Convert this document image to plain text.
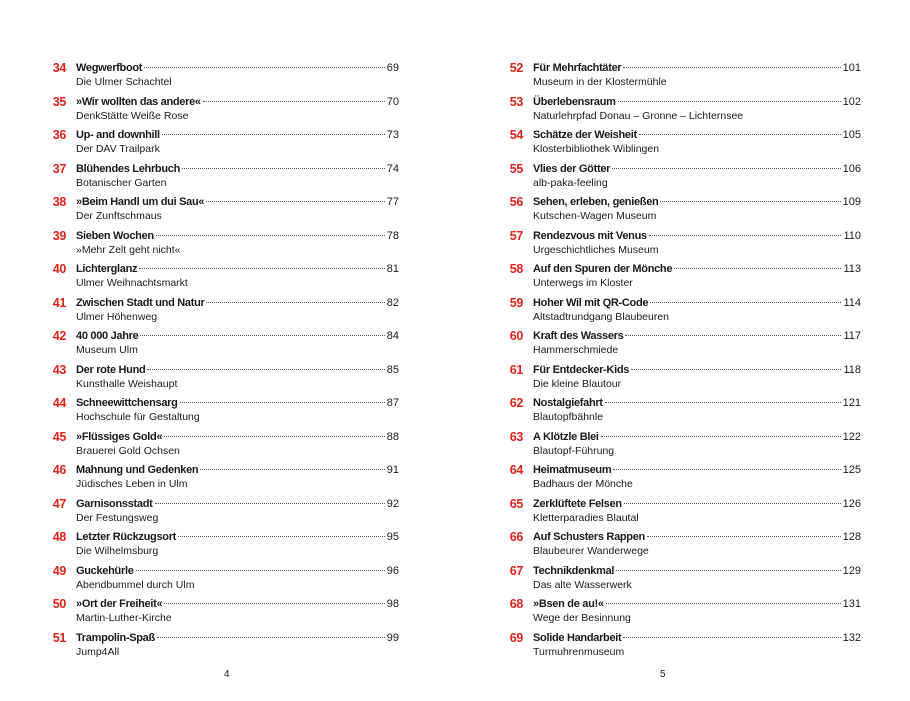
34 Wegwerfboot	69
Die Ulmer Schachtel
35 »Wir wollten das andere«	70
DenkStätte Weiße Rose
36 Up- and downhill	73
Der DAV Trailpark
37 Blühendes Lehrbuch	74
Botanischer Garten
38 »Beim Handl um dui Sau«	77
Der Zunftschmaus
39 Sieben Wochen	78
»Mehr Zelt geht nicht«
40 Lichterglanz	81
Ulmer Weihnachtsmarkt
41 Zwischen Stadt und Natur	82
Ulmer Höhenweg
42 40 000 Jahre	84
Museum Ulm
43 Der rote Hund	85
Kunsthalle Weishaupt
44 Schneewittchensarg	87
Hochschule für Gestaltung
45 »Flüssiges Gold«	88
Brauerei Gold Ochsen
46 Mahnung und Gedenken	91
Jüdisches Leben in Ulm
47 Garnisonsstadt	92
Der Festungsweg
48 Letzter Rückzugsort	95
Die Wilhelmsburg
49 Guckehürle	96
Abendbummel durch Ulm
50 »Ort der Freiheit«	98
Martin-Luther-Kirche
51 Trampolin-Spaß	99
Jump4All
4
52 Für Mehrfachtäter	101
Museum in der Klostermühle
53 Überlebensraum	102
Naturlehrpfad Donau – Gronne – Lichternsee
54 Schätze der Weisheit	105
Klosterbibliothek Wiblingen
55 Vlies der Götter	106
alb-paka-feeling
56 Sehen, erleben, genießen	109
Kutschen-Wagen Museum
57 Rendezvous mit Venus	110
Urgeschichtliches Museum
58 Auf den Spuren der Mönche	113
Unterwegs im Kloster
59 Hoher Wil mit QR-Code	114
Altstadtrundgang Blaubeuren
60 Kraft des Wassers	117
Hammerschmiede
61 Für Entdecker-Kids	118
Die kleine Blautour
62 Nostalgiefahrt	121
Blautopfbähnle
63 A Klötzle Blei	122
Blautopf-Führung
64 Heimatmuseum	125
Badhaus der Mönche
65 Zerklüftete Felsen	126
Kletterparadies Blautal
66 Auf Schusters Rappen	128
Blaubeurer Wanderwege
67 Technikdenkmal	129
Das alte Wasserwerk
68 »Bsen de au!«	131
Wege der Besinnung
69 Solide Handarbeit	132
Turmuhrenmuseum
5
